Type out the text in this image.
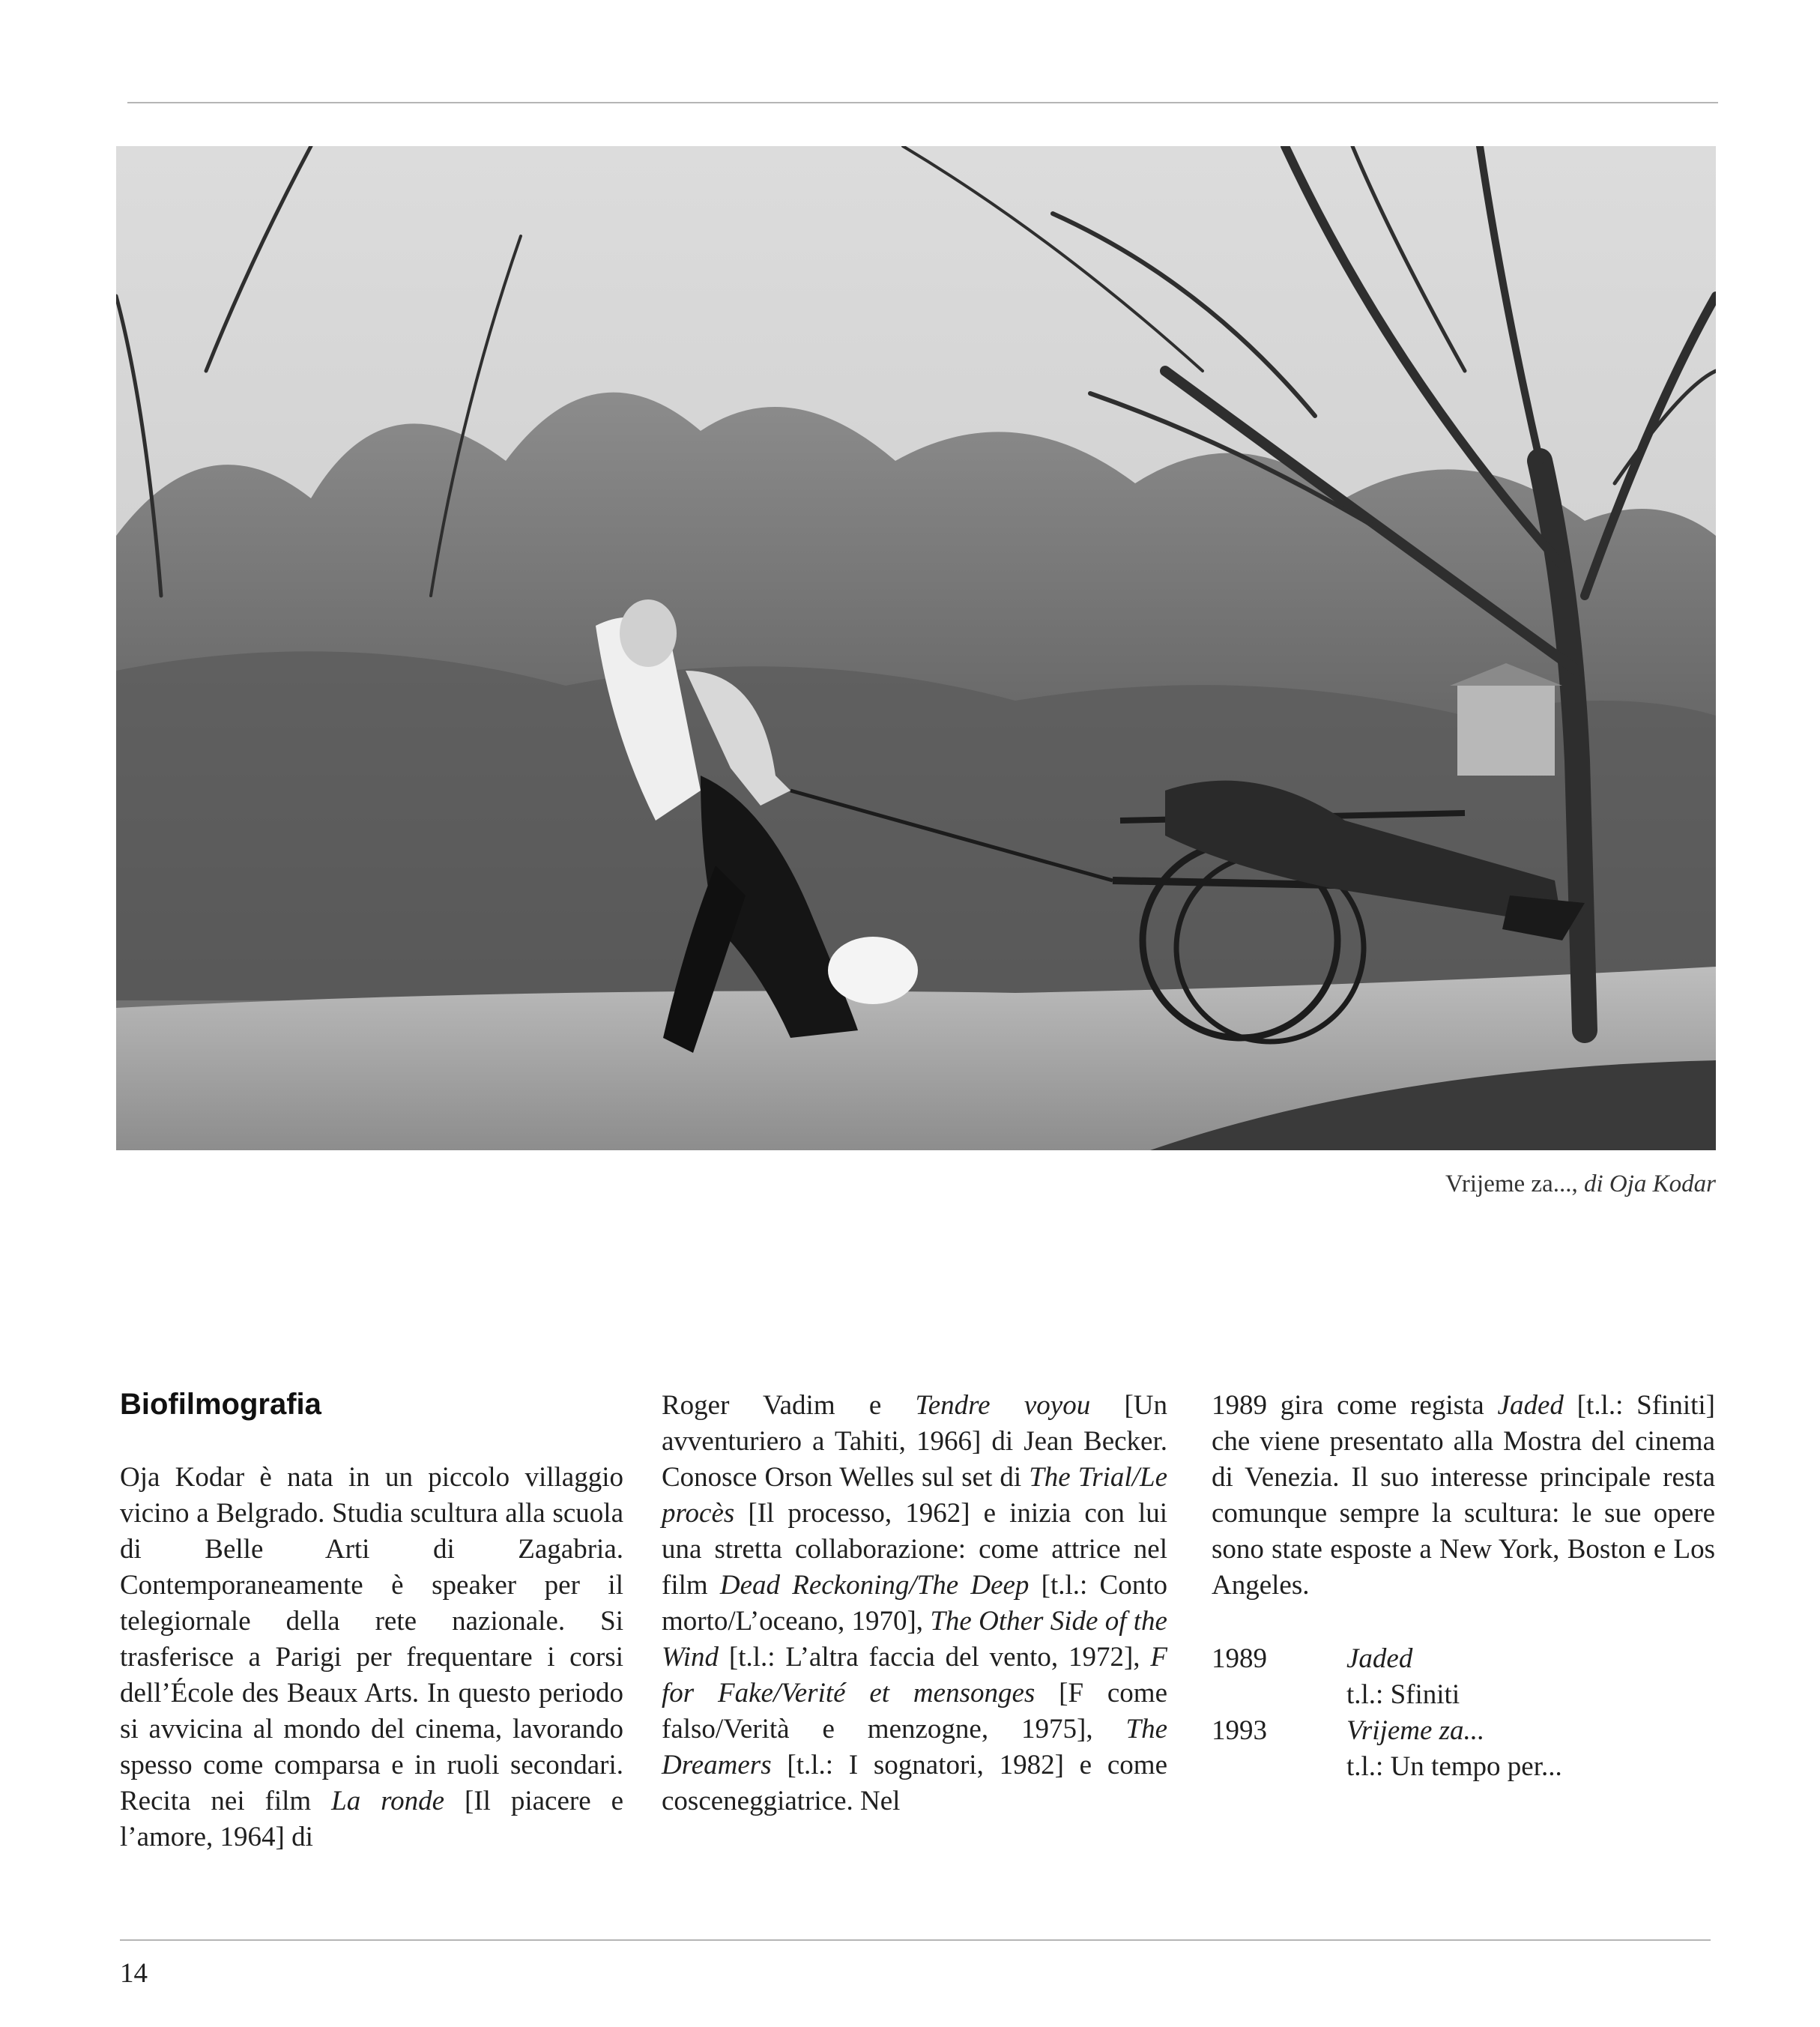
Vrijeme za..., di Oja Kodar
Biofilmografia

Oja Kodar è nata in un piccolo villaggio vicino a Belgrado. Studia scultura alla scuola di Belle Arti di Zagabria. Contemporaneamente è speaker per il telegiornale della rete nazionale. Si trasferisce a Parigi per frequentare i corsi dell’École des Beaux Arts. In questo periodo si avvicina al mondo del cinema, lavorando spesso come comparsa e in ruoli secondari. Recita nei film La ronde [Il piacere e l’amore, 1964] di

Roger Vadim e Tendre voyou [Un avventuriero a Tahiti, 1966] di Jean Becker. Conosce Orson Welles sul set di The Trial/Le procès [Il processo, 1962] e inizia con lui una stretta collaborazione: come attrice nel film Dead Reckoning/The Deep [t.l.: Conto morto/L’oceano, 1970], The Other Side of the Wind [t.l.: L’altra faccia del vento, 1972], F for Fake/Verité et mensonges [F come falso/Verità e menzogne, 1975], The Dreamers [t.l.: I sognatori, 1982] e come cosceneggiatrice. Nel

1989 gira come regista Jaded [t.l.: Sfiniti] che viene presentato alla Mostra del cinema di Venezia. Il suo interesse principale resta comunque sempre la scultura: le sue opere sono state esposte a New York, Boston e Los Angeles.

1989	Jaded
t.l.: Sfiniti
1993	Vrijeme za...
t.l.: Un tempo per...
14
